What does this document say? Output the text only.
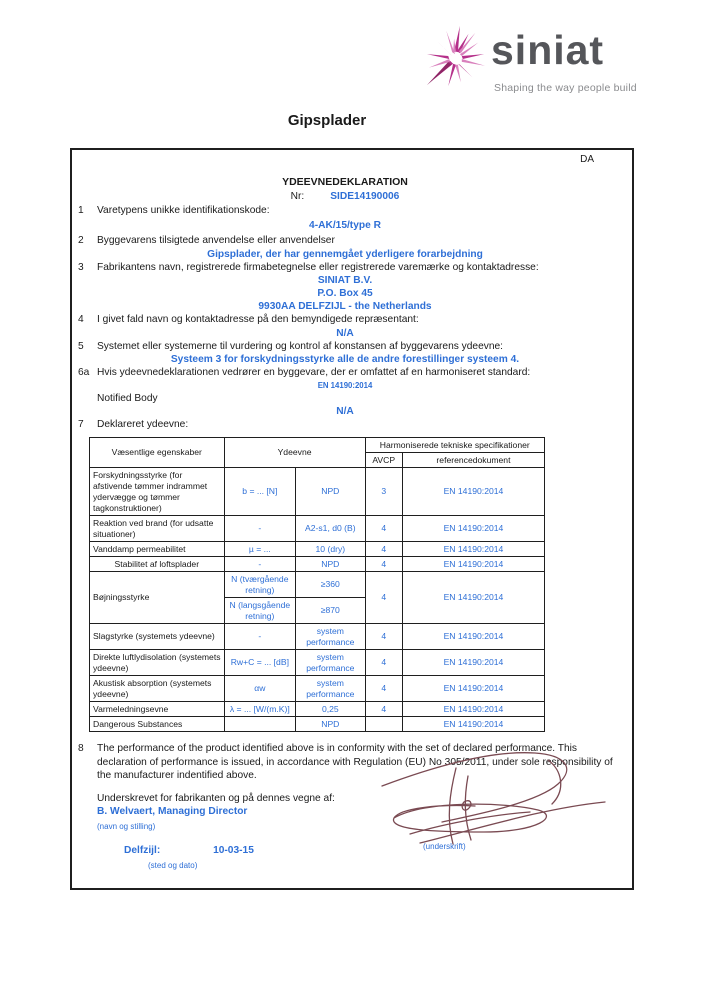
siniat
Shaping the way people build
Gipsplader
DA
YDEEVNEDEKLARATION
Nr:	SIDE14190006
1	Varetypens unikke identifikationskode:
4-AK/15/type R
2	Byggevarens tilsigtede anvendelse eller anvendelser
Gipsplader, der har gennemgået yderligere forarbejdning
3	Fabrikantens navn, registrerede firmabetegnelse eller registrerede varemærke og kontaktadresse:
SINIAT B.V.
P.O. Box 45
9930AA DELFZIJL - the Netherlands
4	I givet fald navn og kontaktadresse på den bemyndigede repræsentant:
N/A
5	Systemet eller systemerne til vurdering og kontrol af konstansen af byggevarens ydeevne:
Systeem 3 for forskydningsstyrke alle de andre forestillinger systeem 4.
6a Hvis ydeevnedeklarationen vedrører en byggevare, der er omfattet af en harmoniseret standard:
EN 14190:2014
Notified Body
N/A
7	Deklareret ydeevne:
Væsentlige egenskaber	Ydeevne		Harmoniserede tekniske specifikationer	
			AVCP	referencedokument
Forskydningsstyrke (for afstivende tømmer indrammet ydervægge og tømmer tagkonstruktioner)	b = ... [N]	NPD	3	EN 14190:2014
Reaktion ved brand (for udsatte situationer)	-	A2-s1, d0 (B)	4	EN 14190:2014
Vanddamp permeabilitet	µ = ...	10 (dry)	4	EN 14190:2014
Stabilitet af loftsplader	-	NPD	4	EN 14190:2014
Bøjningsstyrke	N (tværgående retning)	≥360	4	EN 14190:2014
	N (langsgående retning)	≥870		
Slagstyrke (systemets ydeevne)	-	system performance	4	EN 14190:2014
Direkte luftlydisolation (systemets ydeevne)	Rw+C = ... [dB]	system performance	4	EN 14190:2014
Akustisk absorption (systemets ydeevne)	αw	system performance	4	EN 14190:2014
Varmeledningsevne	λ = ... [W/(m.K)]	0,25	4	EN 14190:2014
Dangerous Substances		NPD		EN 14190:2014
8	The performance of the product identified above is in conformity with the set of declared performance. This declaration of performance is issued, in accordance with Regulation (EU) No 305/2011, under sole responsibility of the manufacturer indentified above.
Underskrevet for fabrikanten og på dennes vegne af:
B. Welvaert, Managing Director
(navn og stilling)
Delfzijl:	10-03-15
(sted og dato)
(underskrift)
